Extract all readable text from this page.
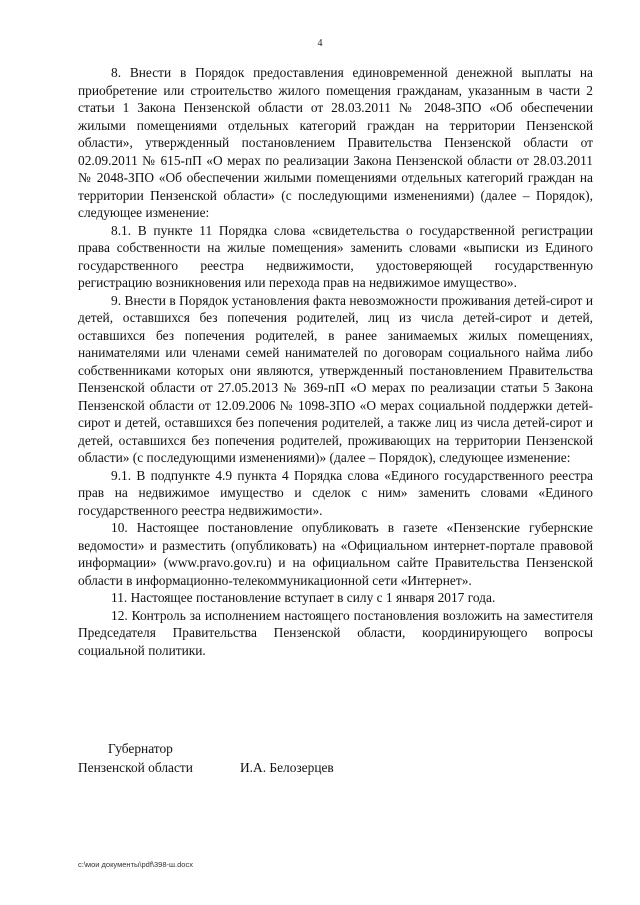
4

8. Внести в Порядок предоставления единовременной денежной выплаты на приобретение или строительство жилого помещения гражданам, указанным в части 2 статьи 1 Закона Пензенской области от 28.03.2011 № 2048-ЗПО «Об обеспечении жилыми помещениями отдельных категорий граждан на территории Пензенской области», утвержденный постановлением Правительства Пензенской области от 02.09.2011 № 615-пП «О мерах по реализации Закона Пензенской области от 28.03.2011 № 2048-ЗПО «Об обеспечении жилыми помещениями отдельных категорий граждан на территории Пензенской области» (с последующими изменениями) (далее – Порядок), следующее изменение:

8.1. В пункте 11 Порядка слова «свидетельства о государственной регистрации права собственности на жилые помещения» заменить словами «выписки из Единого государственного реестра недвижимости, удостоверяющей государственную регистрацию возникновения или перехода прав на недвижимое имущество».

9. Внести в Порядок установления факта невозможности проживания детей-сирот и детей, оставшихся без попечения родителей, лиц из числа детей-сирот и детей, оставшихся без попечения родителей, в ранее занимаемых жилых помещениях, нанимателями или членами семей нанимателей по договорам социального найма либо собственниками которых они являются, утвержденный постановлением Правительства Пензенской области от 27.05.2013 № 369-пП «О мерах по реализации статьи 5 Закона Пензенской области от 12.09.2006 № 1098-ЗПО «О мерах социальной поддержки детей-сирот и детей, оставшихся без попечения родителей, а также лиц из числа детей-сирот и детей, оставшихся без попечения родителей, проживающих на территории Пензенской области» (с последующими изменениями)» (далее – Порядок), следующее изменение:

9.1. В подпункте 4.9 пункта 4 Порядка слова «Единого государственного реестра прав на недвижимое имущество и сделок с ним» заменить словами «Единого государственного реестра недвижимости».

10. Настоящее постановление опубликовать в газете «Пензенские губернские ведомости» и разместить (опубликовать) на «Официальном интернет-портале правовой информации» (www.pravo.gov.ru) и на официальном сайте Правительства Пензенской области в информационно-телекоммуникационной сети «Интернет».

11. Настоящее постановление вступает в силу с 1 января 2017 года.

12. Контроль за исполнением настоящего постановления возложить на заместителя Председателя Правительства Пензенской области, координирующего вопросы социальной политики.

Губернатор
Пензенской области	И.А. Белозерцев
c:\мои документы\pdf\398-ш.docx
